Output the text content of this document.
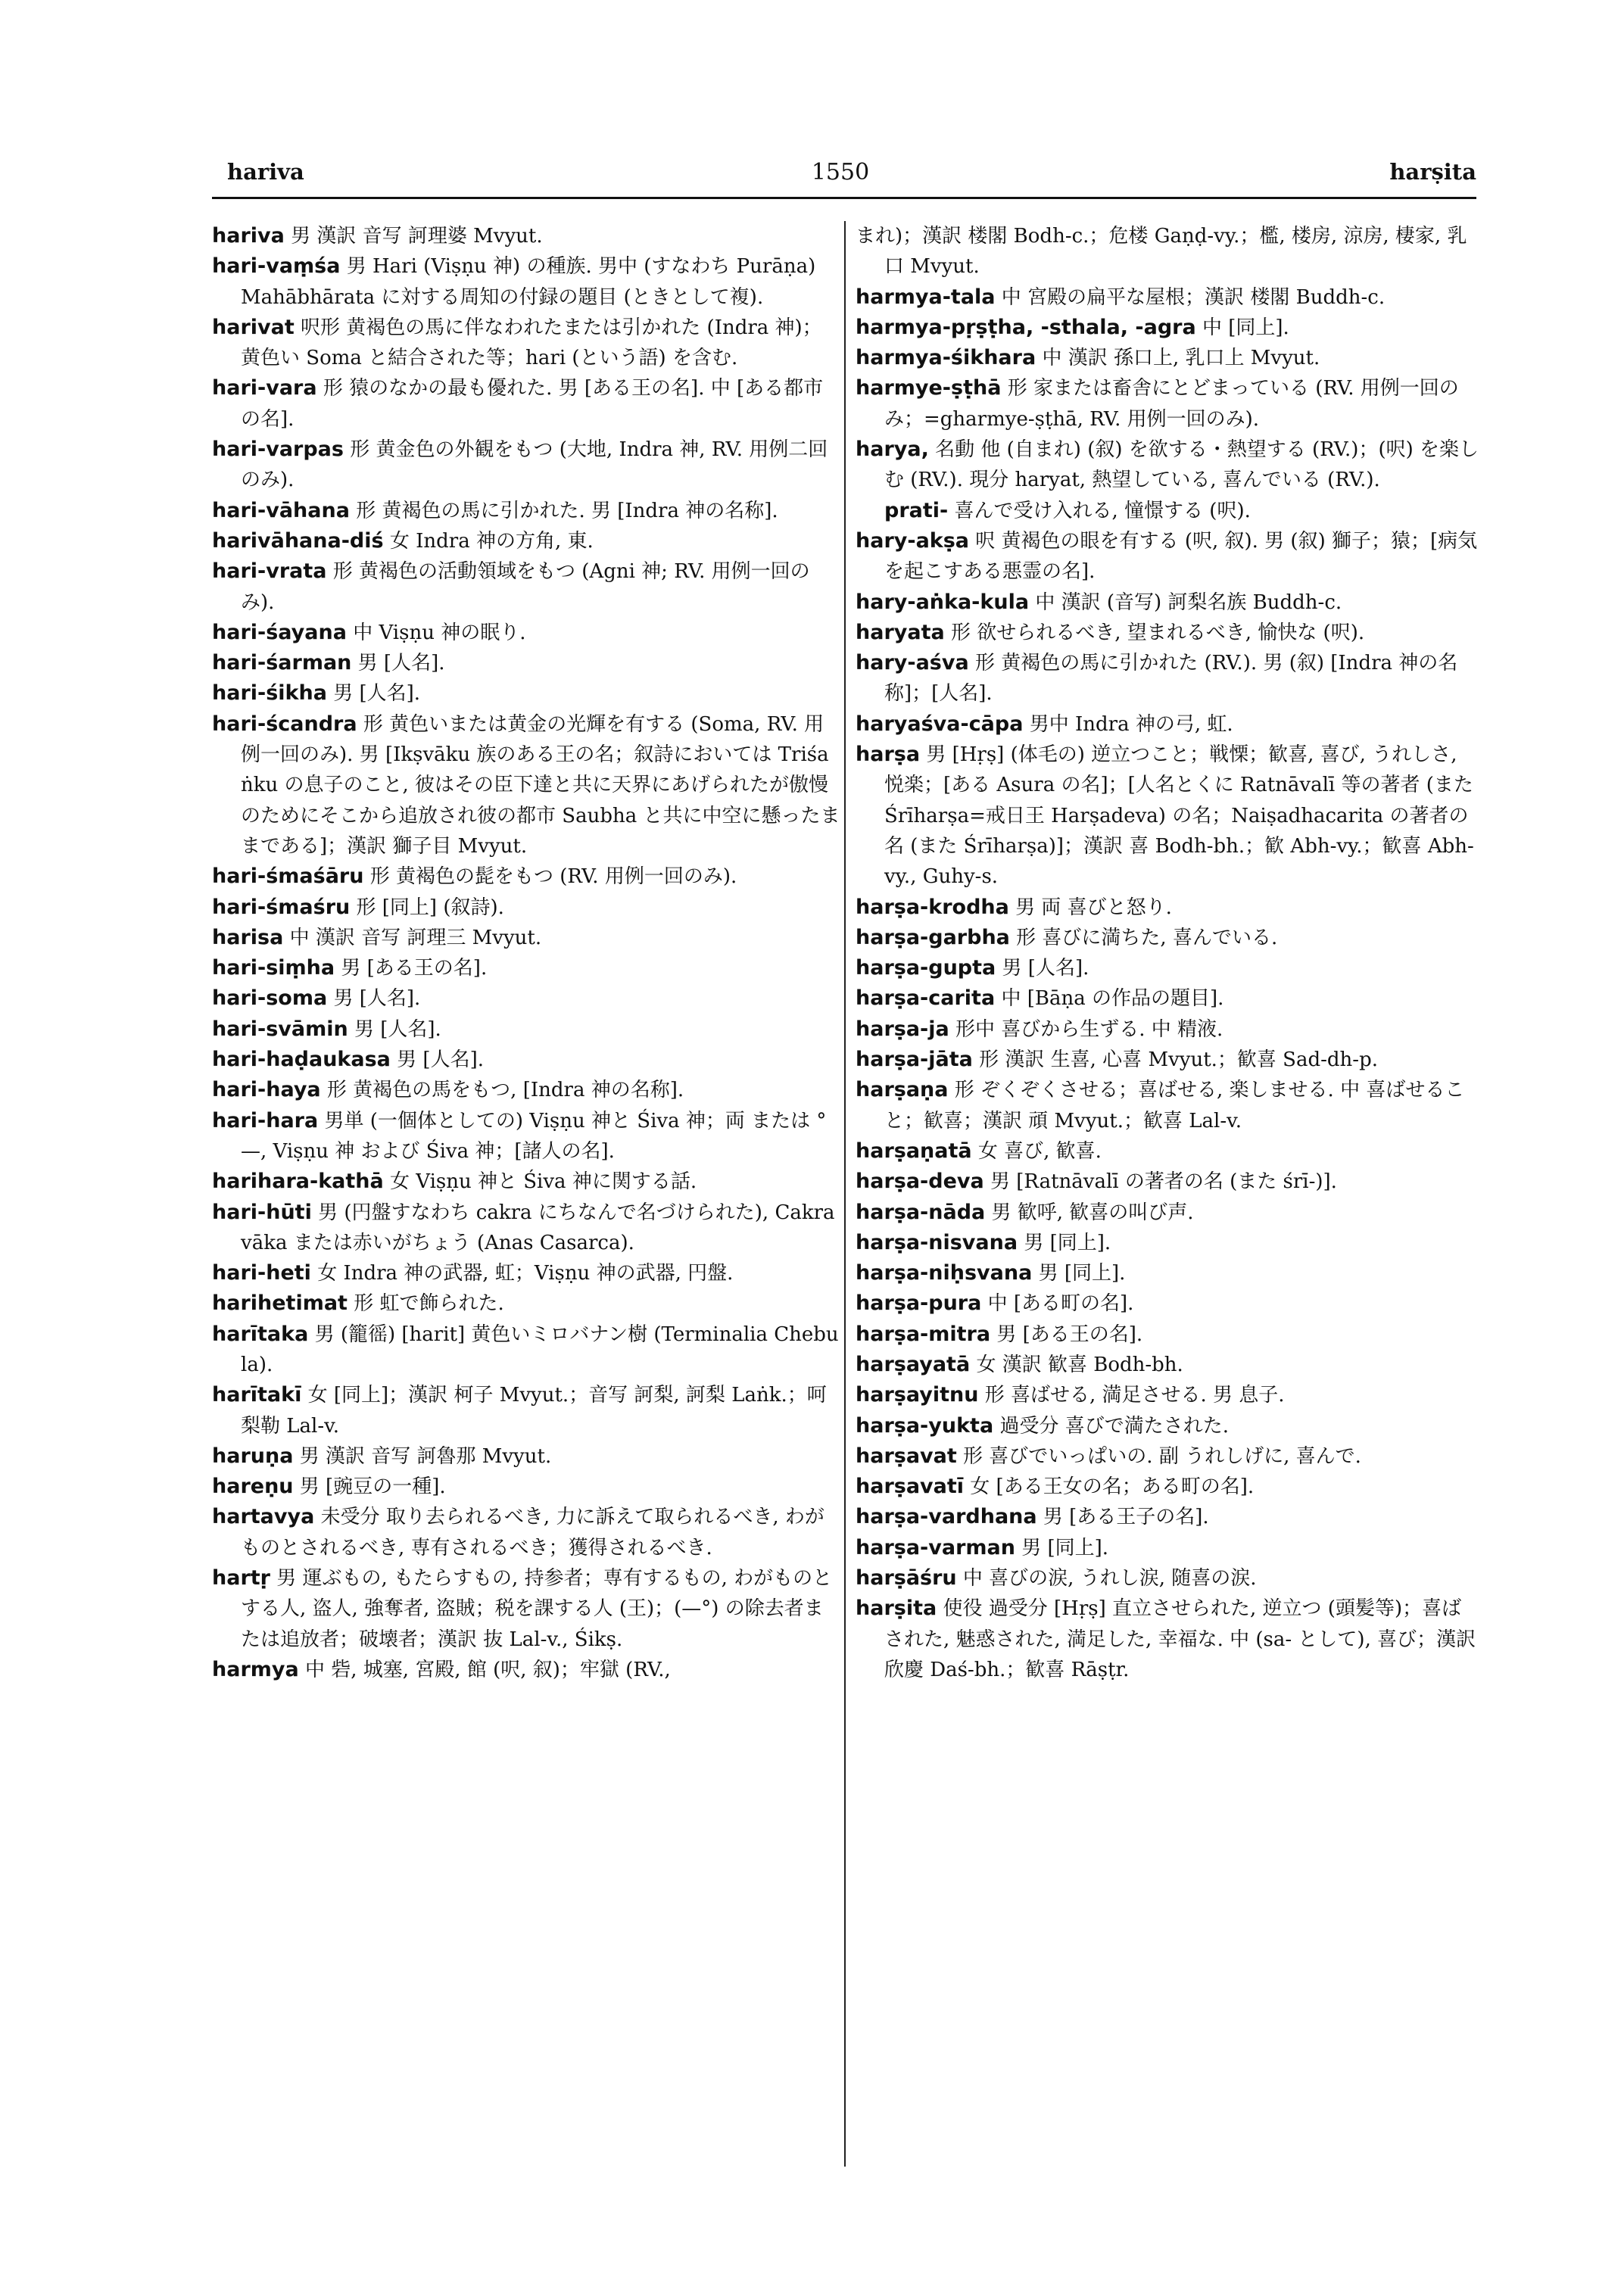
hariva	1550	harṣita

hariva 男 漢訳 音写 訶理婆 Mvyut.

hari-vaṃśa 男 Hari (Viṣṇu 神) の種族. 男中 (すなわち Purāṇa) Mahābhārata に対する周知の付録の題目 (ときとして複).

harivat 呎形 黄褐色の馬に伴なわれたまたは引かれた (Indra 神)；黄色い Soma と結合された等；hari (という語) を含む.

hari-vara 形 猿のなかの最も優れた. 男 [ある王の名]. 中 [ある都市の名].

hari-varpas 形 黄金色の外観をもつ (大地, Indra 神, RV. 用例二回のみ).

hari-vāhana 形 黄褐色の馬に引かれた. 男 [Indra 神の名称].

harivāhana-diś 女 Indra 神の方角, 東.

hari-vrata 形 黄褐色の活動領域をもつ (Agni 神; RV. 用例一回のみ).

hari-śayana 中 Viṣṇu 神の眠り.

hari-śarman 男 [人名].

hari-śikha 男 [人名].

hari-ścandra 形 黄色いまたは黄金の光輝を有する (Soma, RV. 用例一回のみ). 男 [Ikṣvāku 族のある王の名；叙詩においては Triśaṅku の息子のこと, 彼はその臣下達と共に天界にあげられたが傲慢のためにそこから追放され彼の都市 Saubha と共に中空に懸ったままである]；漢訳 獅子目 Mvyut.

hari-śmaśāru 形 黄褐色の髭をもつ (RV. 用例一回のみ).

hari-śmaśru 形 [同上] (叙詩).

harisa 中 漢訳 音写 訶理三 Mvyut.

hari-siṃha 男 [ある王の名].

hari-soma 男 [人名].

hari-svāmin 男 [人名].

hari-haḍaukasa 男 [人名].

hari-haya 形 黄褐色の馬をもつ, [Indra 神の名称].

hari-hara 男単 (一個体としての) Viṣṇu 神と Śiva 神；両 または °—, Viṣṇu 神 および Śiva 神；[諸人の名].

harihara-kathā 女 Viṣṇu 神と Śiva 神に関する話.

hari-hūti 男 (円盤すなわち cakra にちなんで名づけられた), Cakravāka または赤いがちょう (Anas Casarca).

hari-heti 女 Indra 神の武器, 虹；Viṣṇu 神の武器, 円盤.

harihetimat 形 虹で飾られた.

harītaka 男 (籠徭) [harit] 黄色いミロバナン樹 (Terminalia Chebula).

harītakī 女 [同上]；漢訳 柯子 Mvyut.；音写 訶梨, 訶梨 Laṅk.；呵梨勒 Lal-v.

haruṇa 男 漢訳 音写 訶魯那 Mvyut.

hareṇu 男 [豌豆の一種].

hartavya 未受分 取り去られるべき, 力に訴えて取られるべき, わがものとされるべき, 専有されるべき；獲得されるべき.

hartṛ 男 運ぶもの, もたらすもの, 持参者；専有するもの, わがものとする人, 盗人, 強奪者, 盗賊；税を課する人 (王)；(—°) の除去者または追放者；破壊者；漢訳 抜 Lal-v., Śikṣ.

harmya 中 砦, 城塞, 宮殿, 館 (呎, 叙)；牢獄 (RV.,

まれ)；漢訳 楼閣 Bodh-c.；危楼 Gaṇḍ-vy.；檻, 楼房, 涼房, 棲家, 乳口 Mvyut.

harmya-tala 中 宮殿の扁平な屋根；漢訳 楼閣 Buddh-c.

harmya-pṛṣṭha, -sthala, -agra 中 [同上].

harmya-śikhara 中 漢訳 孫口上, 乳口上 Mvyut.

harmye-ṣṭhā 形 家または畜舎にとどまっている (RV. 用例一回のみ；=gharmye-ṣṭhā, RV. 用例一回のみ).

harya, 名動 他 (自まれ) (叙) を欲する・熱望する (RV.)；(呎) を楽しむ (RV.). 現分 haryat, 熱望している, 喜んでいる (RV.).

prati- 喜んで受け入れる, 憧憬する (呎).

hary-akṣa 呎 黄褐色の眼を有する (呎, 叙). 男 (叙) 獅子；猿；[病気を起こすある悪霊の名].

hary-aṅka-kula 中 漢訳 (音写) 訶梨名族 Buddh-c.

haryata 形 欲せられるべき, 望まれるべき, 愉快な (呎).

hary-aśva 形 黄褐色の馬に引かれた (RV.). 男 (叙) [Indra 神の名称]；[人名].

haryaśva-cāpa 男中 Indra 神の弓, 虹.

harṣa 男 [Hṛṣ] (体毛の) 逆立つこと；戦慄；歓喜, 喜び, うれしさ, 悦楽；[ある Asura の名]；[人名とくに Ratnāvalī 等の著者 (また Śrīharṣa=戒日王 Harṣadeva) の名；Naiṣadhacarita の著者の名 (また Śrīharṣa)]；漢訳 喜 Bodh-bh.；歓 Abh-vy.；歓喜 Abh-vy., Guhy-s.

harṣa-krodha 男 両 喜びと怒り.

harṣa-garbha 形 喜びに満ちた, 喜んでいる.

harṣa-gupta 男 [人名].

harṣa-carita 中 [Bāṇa の作品の題目].

harṣa-ja 形中 喜びから生ずる. 中 精液.

harṣa-jāta 形 漢訳 生喜, 心喜 Mvyut.；歓喜 Sad-dh-p.

harṣaṇa 形 ぞくぞくさせる；喜ばせる, 楽しませる. 中 喜ばせること；歓喜；漢訳 頑 Mvyut.；歓喜 Lal-v.

harṣaṇatā 女 喜び, 歓喜.

harṣa-deva 男 [Ratnāvalī の著者の名 (また śrī-)].

harṣa-nāda 男 歓呼, 歓喜の叫び声.

harṣa-nisvana 男 [同上].

harṣa-niḥsvana 男 [同上].

harṣa-pura 中 [ある町の名].

harṣa-mitra 男 [ある王の名].

harṣayatā 女 漢訳 歓喜 Bodh-bh.

harṣayitnu 形 喜ばせる, 満足させる. 男 息子.

harṣa-yukta 過受分 喜びで満たされた.

harṣavat 形 喜びでいっぱいの. 副 うれしげに, 喜んで.

harṣavatī 女 [ある王女の名；ある町の名].

harṣa-vardhana 男 [ある王子の名].

harṣa-varman 男 [同上].

harṣāśru 中 喜びの涙, うれし涙, 随喜の涙.

harṣita 使役 過受分 [Hṛṣ] 直立させられた, 逆立つ (頭髪等)；喜ばされた, 魅惑された, 満足した, 幸福な. 中 (sa- として), 喜び；漢訳 欣慶 Daś-bh.；歓喜 Rāṣṭr.
